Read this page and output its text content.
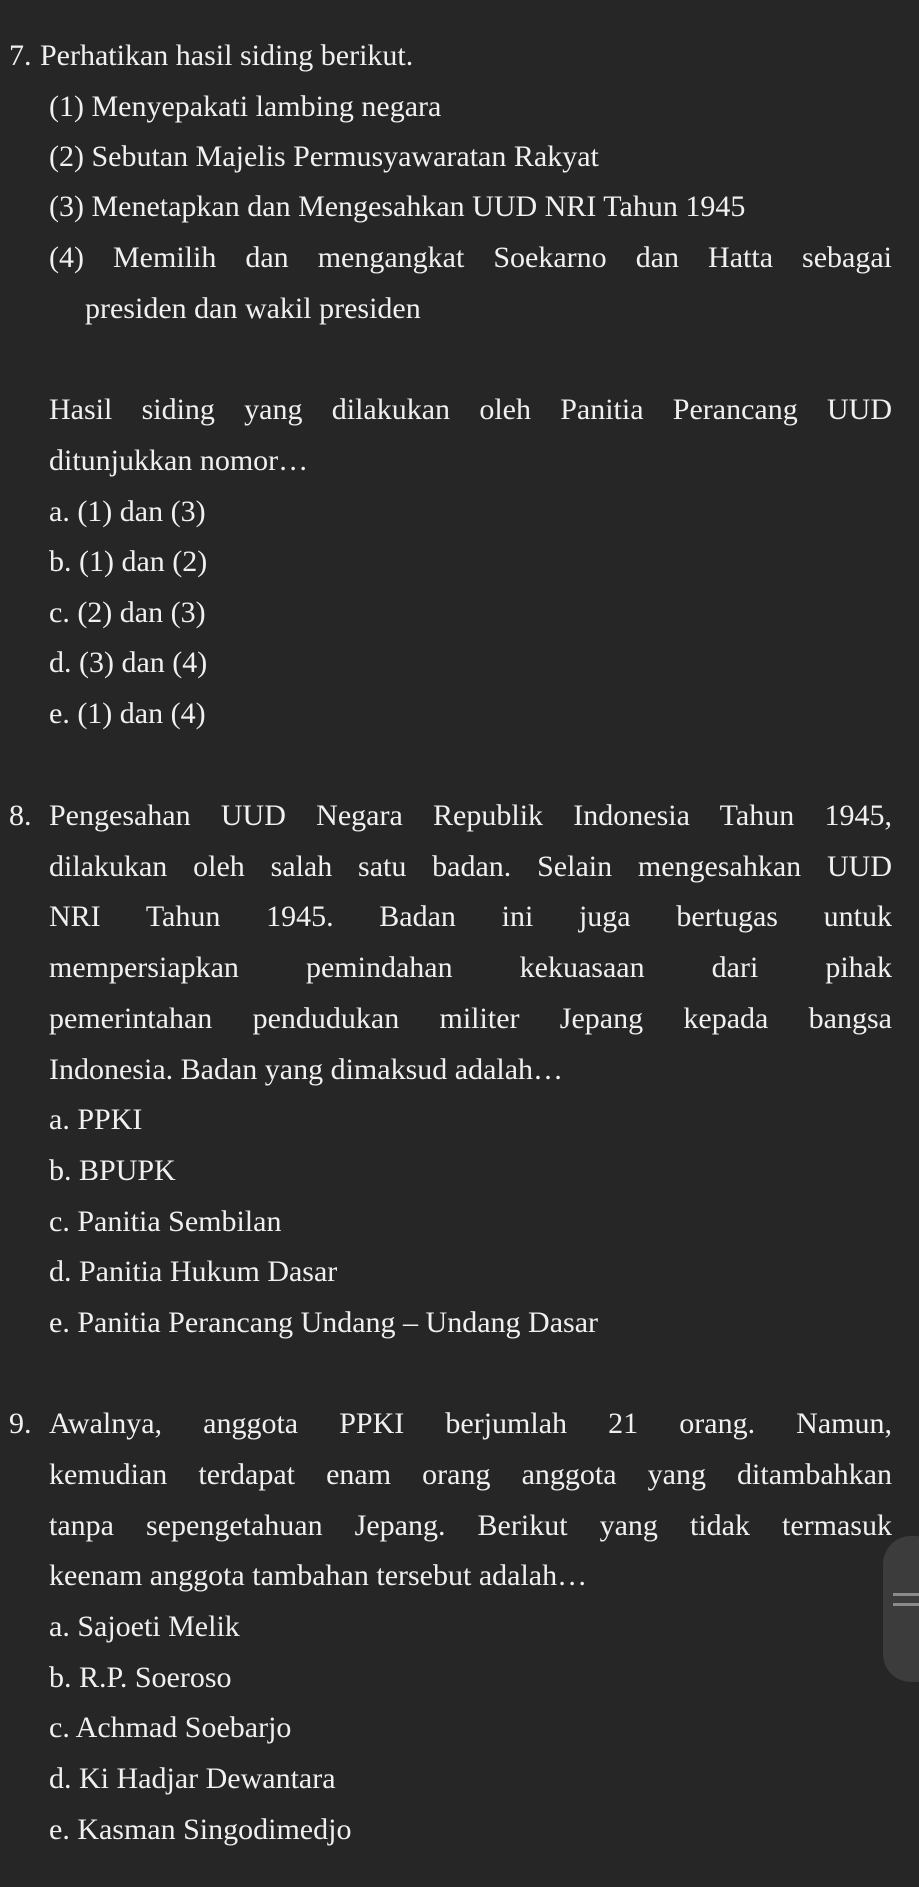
7. Perhatikan hasil siding berikut.
(1) Menyepakati lambing negara
(2) Sebutan Majelis Permusyawaratan Rakyat
(3) Menetapkan dan Mengesahkan UUD NRI Tahun 1945
(4) Memilih dan mengangkat Soekarno dan Hatta sebagai
presiden dan wakil presiden
Hasil siding yang dilakukan oleh Panitia Perancang UUD
ditunjukkan nomor…
a. (1) dan (3)
b. (1) dan (2)
c. (2) dan (3)
d. (3) dan (4)
e. (1) dan (4)
8. Pengesahan UUD Negara Republik Indonesia Tahun 1945,
dilakukan oleh salah satu badan. Selain mengesahkan UUD
NRI Tahun 1945. Badan ini juga bertugas untuk
mempersiapkan pemindahan kekuasaan dari pihak
pemerintahan pendudukan militer Jepang kepada bangsa
Indonesia. Badan yang dimaksud adalah…
a. PPKI
b. BPUPK
c. Panitia Sembilan
d. Panitia Hukum Dasar
e. Panitia Perancang Undang – Undang Dasar
9. Awalnya, anggota PPKI berjumlah 21 orang. Namun,
kemudian terdapat enam orang anggota yang ditambahkan
tanpa sepengetahuan Jepang. Berikut yang tidak termasuk
keenam anggota tambahan tersebut adalah…
a. Sajoeti Melik
b. R.P. Soeroso
c. Achmad Soebarjo
d. Ki Hadjar Dewantara
e. Kasman Singodimedjo
